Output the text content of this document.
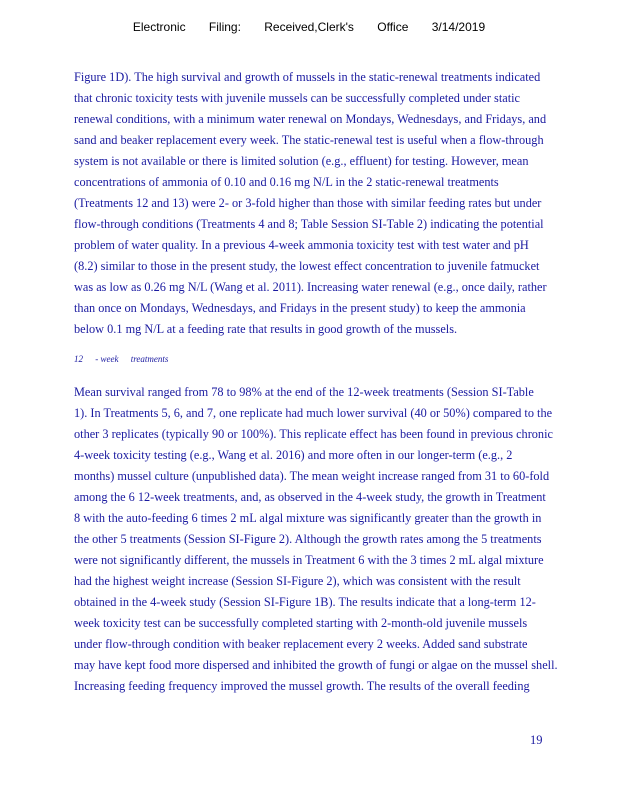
Electronic Filing: Received,Clerk's Office 3/14/2019
Figure 1D). The high survival and growth of mussels in the static-renewal treatments indicated
that chronic toxicity tests with juvenile mussels can be successfully completed under static
renewal conditions, with a minimum water renewal on Mondays, Wednesdays, and Fridays, and
sand and beaker replacement every week. The static-renewal test is useful when a flow-through
system is not available or there is limited solution (e.g., effluent) for testing. However, mean
concentrations of ammonia of 0.10 and 0.16 mg N/L in the 2 static-renewal treatments
(Treatments 12 and 13) were 2- or 3-fold higher than those with similar feeding rates but under
flow-through conditions (Treatments 4 and 8; Table Session SI-Table 2) indicating the potential
problem of water quality. In a previous 4-week ammonia toxicity test with test water and pH
(8.2) similar to those in the present study, the lowest effect concentration to juvenile fatmucket
was as low as 0.26 mg N/L (Wang et al. 2011). Increasing water renewal (e.g., once daily, rather
than once on Mondays, Wednesdays, and Fridays in the present study) to keep the ammonia
below 0.1 mg N/L at a feeding rate that results in good growth of the mussels.
12 - week treatments
Mean survival ranged from 78 to 98% at the end of the 12-week treatments (Session SI-Table
1). In Treatments 5, 6, and 7, one replicate had much lower survival (40 or 50%) compared to the
other 3 replicates (typically 90 or 100%). This replicate effect has been found in previous chronic
4-week toxicity testing (e.g., Wang et al. 2016) and more often in our longer-term (e.g., 2
months) mussel culture (unpublished data). The mean weight increase ranged from 31 to 60-fold
among the 6 12-week treatments, and, as observed in the 4-week study, the growth in Treatment
8 with the auto-feeding 6 times 2 mL algal mixture was significantly greater than the growth in
the other 5 treatments (Session SI-Figure 2). Although the growth rates among the 5 treatments
were not significantly different, the mussels in Treatment 6 with the 3 times 2 mL algal mixture
had the highest weight increase (Session SI-Figure 2), which was consistent with the result
obtained in the 4-week study (Session SI-Figure 1B). The results indicate that a long-term 12-
week toxicity test can be successfully completed starting with 2-month-old juvenile mussels
under flow-through condition with beaker replacement every 2 weeks. Added sand substrate
may have kept food more dispersed and inhibited the growth of fungi or algae on the mussel shell.
Increasing feeding frequency improved the mussel growth. The results of the overall feeding
19
